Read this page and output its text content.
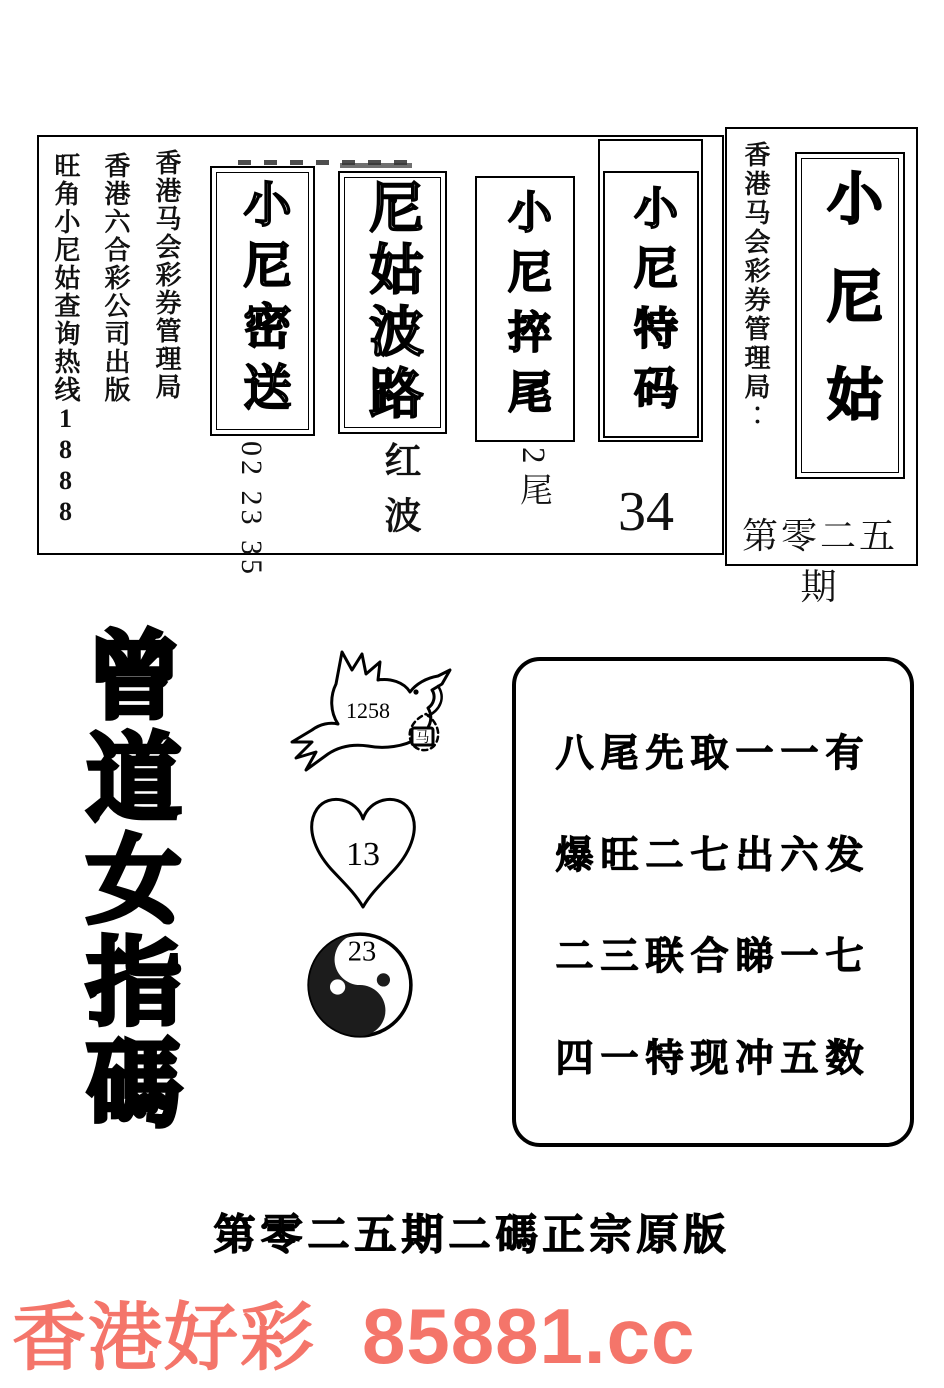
旺角小尼姑查询热线1888 香港六合彩公司出版 香港马会彩券管理局 小尼密送
02 23 35
尼姑波路
红波
小尼捽尾
2尾
小尼特码
34
香港马会彩券管理局︰ 小尼姑
第零二五期
曾道女指碼	马
1258
13
23
八尾先取一一有
爆旺二七出六发
二三联合睇一七
四一特现冲五数
第零二五期二碼正宗原版
香港好彩 85881.cc
